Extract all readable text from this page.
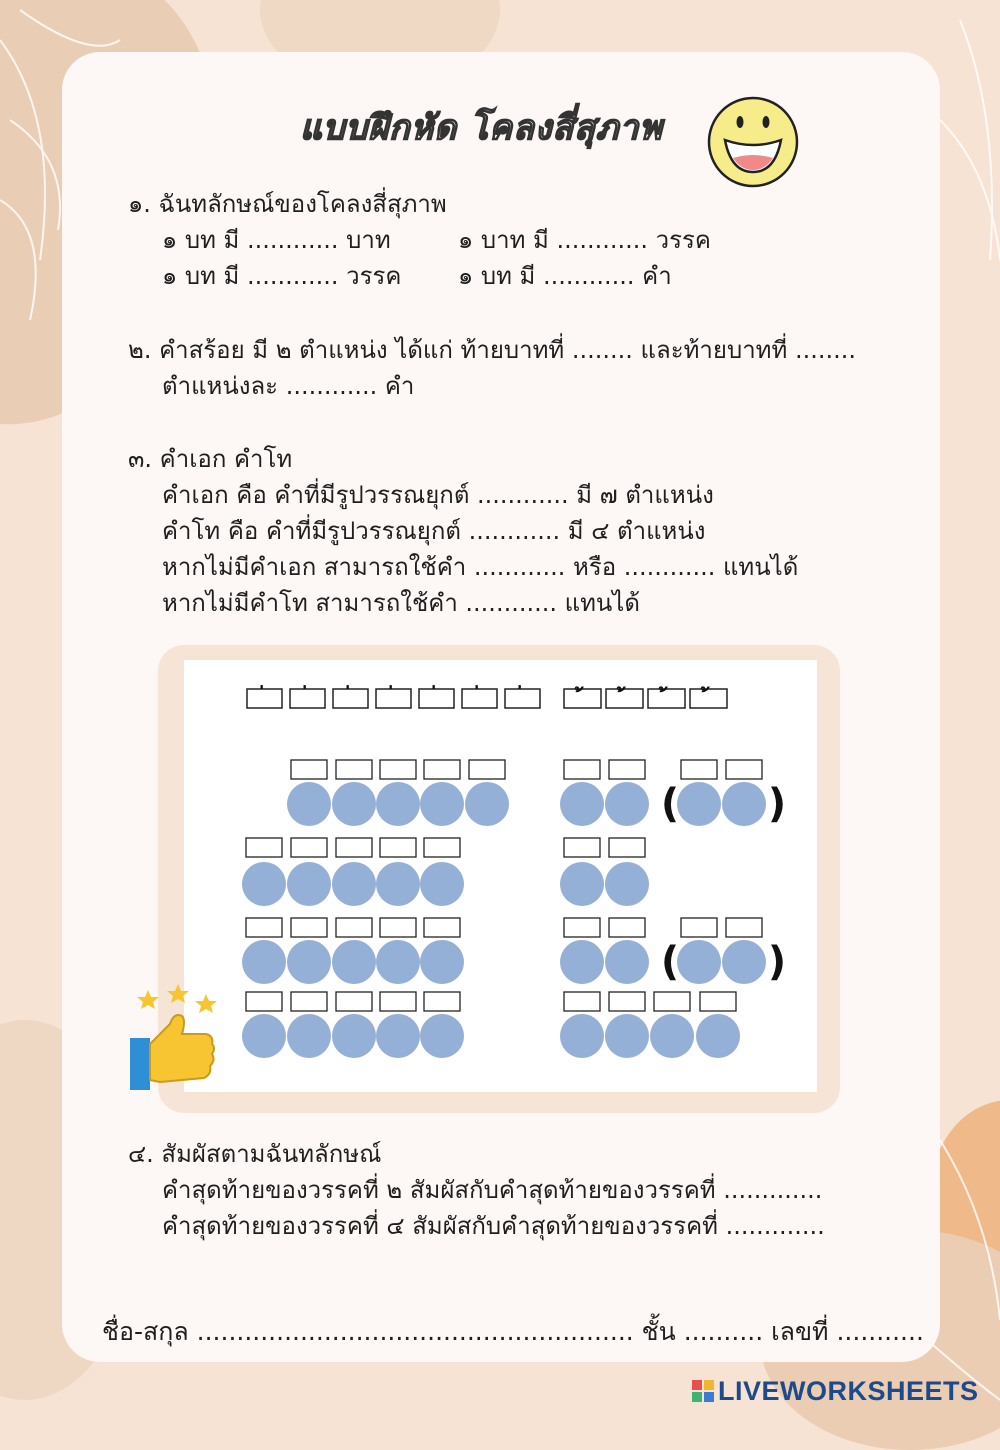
แบบฝึกหัด โคลงสี่สุภาพ
๑. ฉันทลักษณ์ของโคลงสี่สุภาพ
๑ บท มี ............ บาท	๑ บาท มี ............ วรรค
๑ บท มี ............ วรรค ๑ บท มี ............ คำ
๒. คำสร้อย มี ๒ ตำแหน่ง ได้แก่ ท้ายบาทที่ ........ และท้ายบาทที่ ........
ตำแหน่งละ ............ คำ
๓. คำเอก คำโท
คำเอก คือ คำที่มีรูปวรรณยุกต์ ............ มี ๗ ตำแหน่ง
คำโท คือ คำที่มีรูปวรรณยุกต์ ............ มี ๔ ตำแหน่ง
หากไม่มีคำเอก สามารถใช้คำ ............ หรือ ............ แทนได้
หากไม่มีคำโท สามารถใช้คำ ............ แทนได้
( )
( )
๔. สัมผัสตามฉันทลักษณ์
คำสุดท้ายของวรรคที่ ๒ สัมผัสกับคำสุดท้ายของวรรคที่ .............
คำสุดท้ายของวรรคที่ ๔ สัมผัสกับคำสุดท้ายของวรรคที่ .............
ชื่อ-สกุล ....................................................... ชั้น .......... เลขที่ ...........
LIVEWORKSHEETS
